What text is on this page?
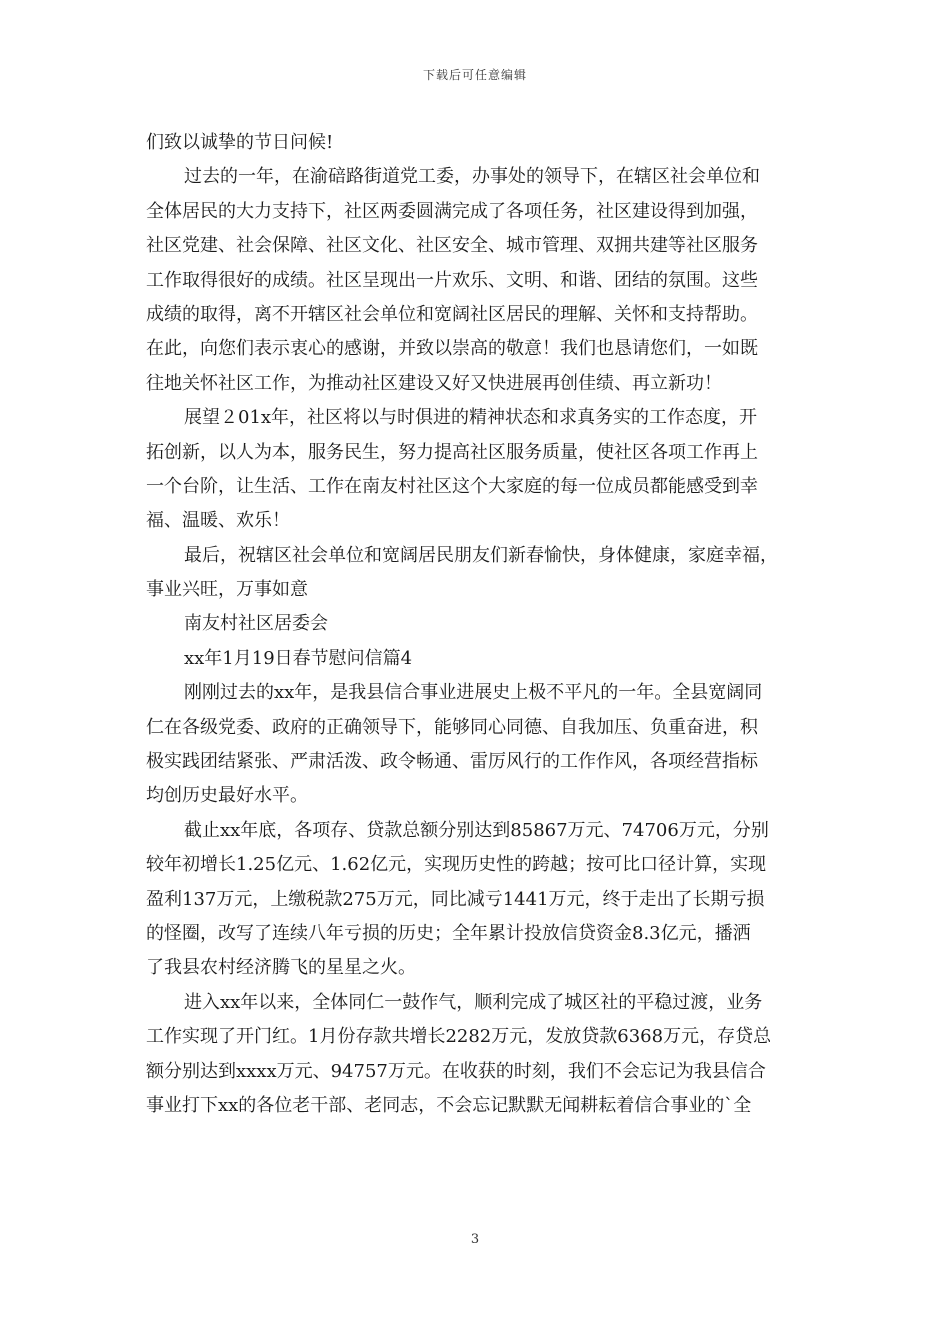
下载后可任意编辑
们致以诚挚的节日问候!
过去的一年，在渝碚路街道党工委，办事处的领导下，在辖区社会单位和
全体居民的大力支持下，社区两委圆满完成了各项任务，社区建设得到加强，
社区党建、社会保障、社区文化、社区安全、城市管理、双拥共建等社区服务
工作取得很好的成绩。社区呈现出一片欢乐、文明、和谐、团结的氛围。这些
成绩的取得，离不开辖区社会单位和宽阔社区居民的理解、关怀和支持帮助。
在此，向您们表示衷心的感谢，并致以崇高的敬意！我们也恳请您们，一如既
往地关怀社区工作，为推动社区建设又好又快进展再创佳绩、再立新功！
展望２01x年，社区将以与时俱进的精神状态和求真务实的工作态度，开
拓创新，以人为本，服务民生，努力提高社区服务质量，使社区各项工作再上
一个台阶，让生活、工作在南友村社区这个大家庭的每一位成员都能感受到幸
福、温暖、欢乐！
最后，祝辖区社会单位和宽阔居民朋友们新春愉快，身体健康，家庭幸福，
事业兴旺，万事如意
南友村社区居委会
xx年1月19日春节慰问信篇4
刚刚过去的xx年，是我县信合事业进展史上极不平凡的一年。全县宽阔同
仁在各级党委、政府的正确领导下，能够同心同德、自我加压、负重奋进，积
极实践团结紧张、严肃活泼、政令畅通、雷厉风行的工作作风，各项经营指标
均创历史最好水平。
截止xx年底，各项存、贷款总额分别达到85867万元、74706万元，分别
较年初增长1.25亿元、1.62亿元，实现历史性的跨越；按可比口径计算，实现
盈利137万元，上缴税款275万元，同比减亏1441万元，终于走出了长期亏损
的怪圈，改写了连续八年亏损的历史；全年累计投放信贷资金8.3亿元，播洒
了我县农村经济腾飞的星星之火。
进入xx年以来，全体同仁一鼓作气，顺利完成了城区社的平稳过渡，业务
工作实现了开门红。1月份存款共增长2282万元，发放贷款6368万元，存贷总
额分别达到xxxx万元、94757万元。在收获的时刻，我们不会忘记为我县信合
事业打下xx的各位老干部、老同志，不会忘记默默无闻耕耘着信合事业的`全
3
